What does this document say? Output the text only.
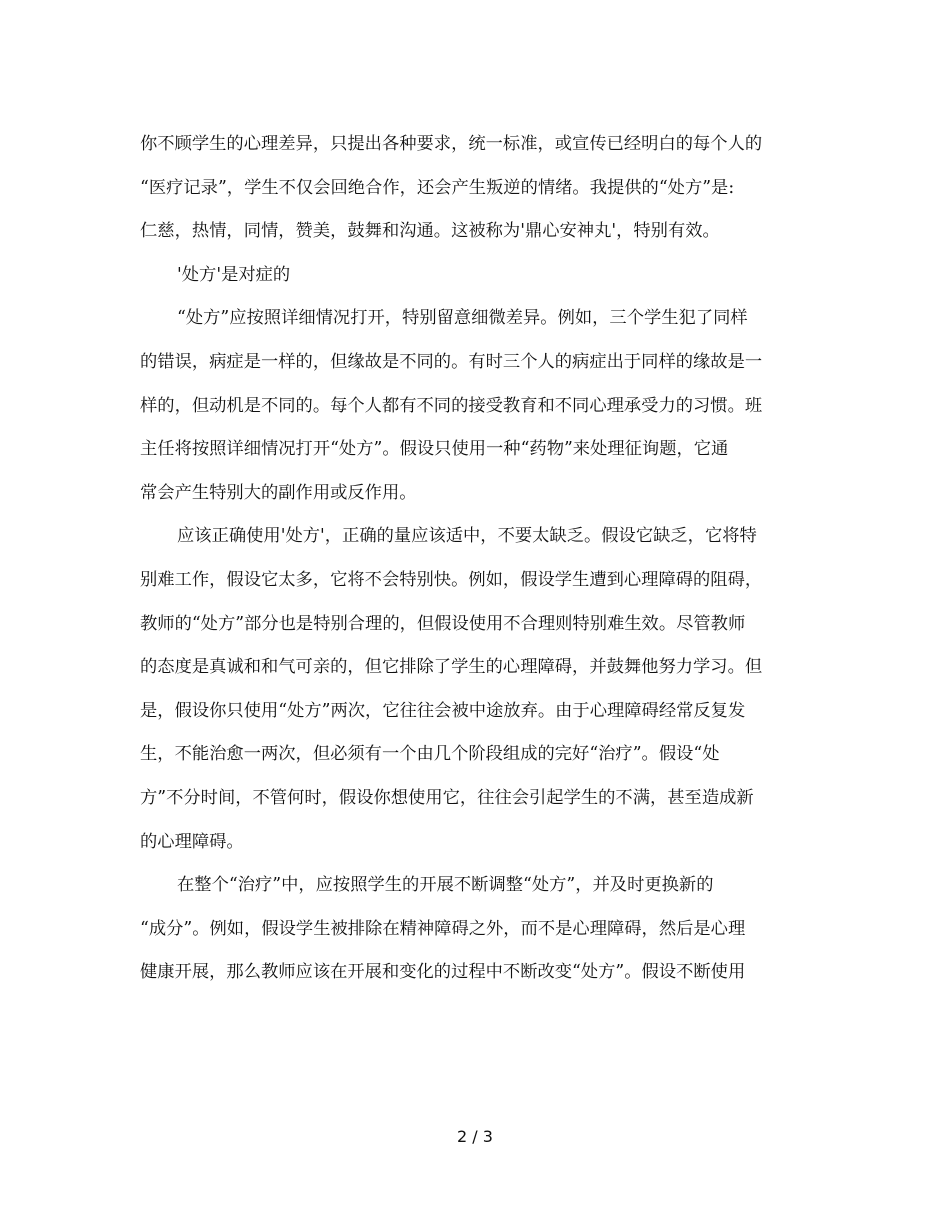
你不顾学生的心理差异，只提出各种要求，统一标准，或宣传已经明白的每个人的
“医疗记录”，学生不仅会回绝合作，还会产生叛逆的情绪。我提供的“处方”是:
仁慈，热情，同情，赞美，鼓舞和沟通。这被称为'鼎心安神丸'，特别有效。

'处方'是对症的

“处方”应按照详细情况打开，特别留意细微差异。例如，三个学生犯了同样
的错误，病症是一样的，但缘故是不同的。有时三个人的病症出于同样的缘故是一
样的，但动机是不同的。每个人都有不同的接受教育和不同心理承受力的习惯。班
主任将按照详细情况打开“处方”。假设只使用一种“药物”来处理征询题，它通
常会产生特别大的副作用或反作用。

应该正确使用'处方'，正确的量应该适中，不要太缺乏。假设它缺乏，它将特
别难工作，假设它太多，它将不会特别快。例如，假设学生遭到心理障碍的阻碍，
教师的“处方”部分也是特别合理的，但假设使用不合理则特别难生效。尽管教师
的态度是真诚和和气可亲的，但它排除了学生的心理障碍，并鼓舞他努力学习。但
是，假设你只使用“处方”两次，它往往会被中途放弃。由于心理障碍经常反复发
生，不能治愈一两次，但必须有一个由几个阶段组成的完好“治疗”。假设“处
方”不分时间，不管何时，假设你想使用它，往往会引起学生的不满，甚至造成新
的心理障碍。

在整个“治疗”中，应按照学生的开展不断调整“处方”，并及时更换新的
“成分”。例如，假设学生被排除在精神障碍之外，而不是心理障碍，然后是心理
健康开展，那么教师应该在开展和变化的过程中不断改变“处方”。假设不断使用

2 / 3
